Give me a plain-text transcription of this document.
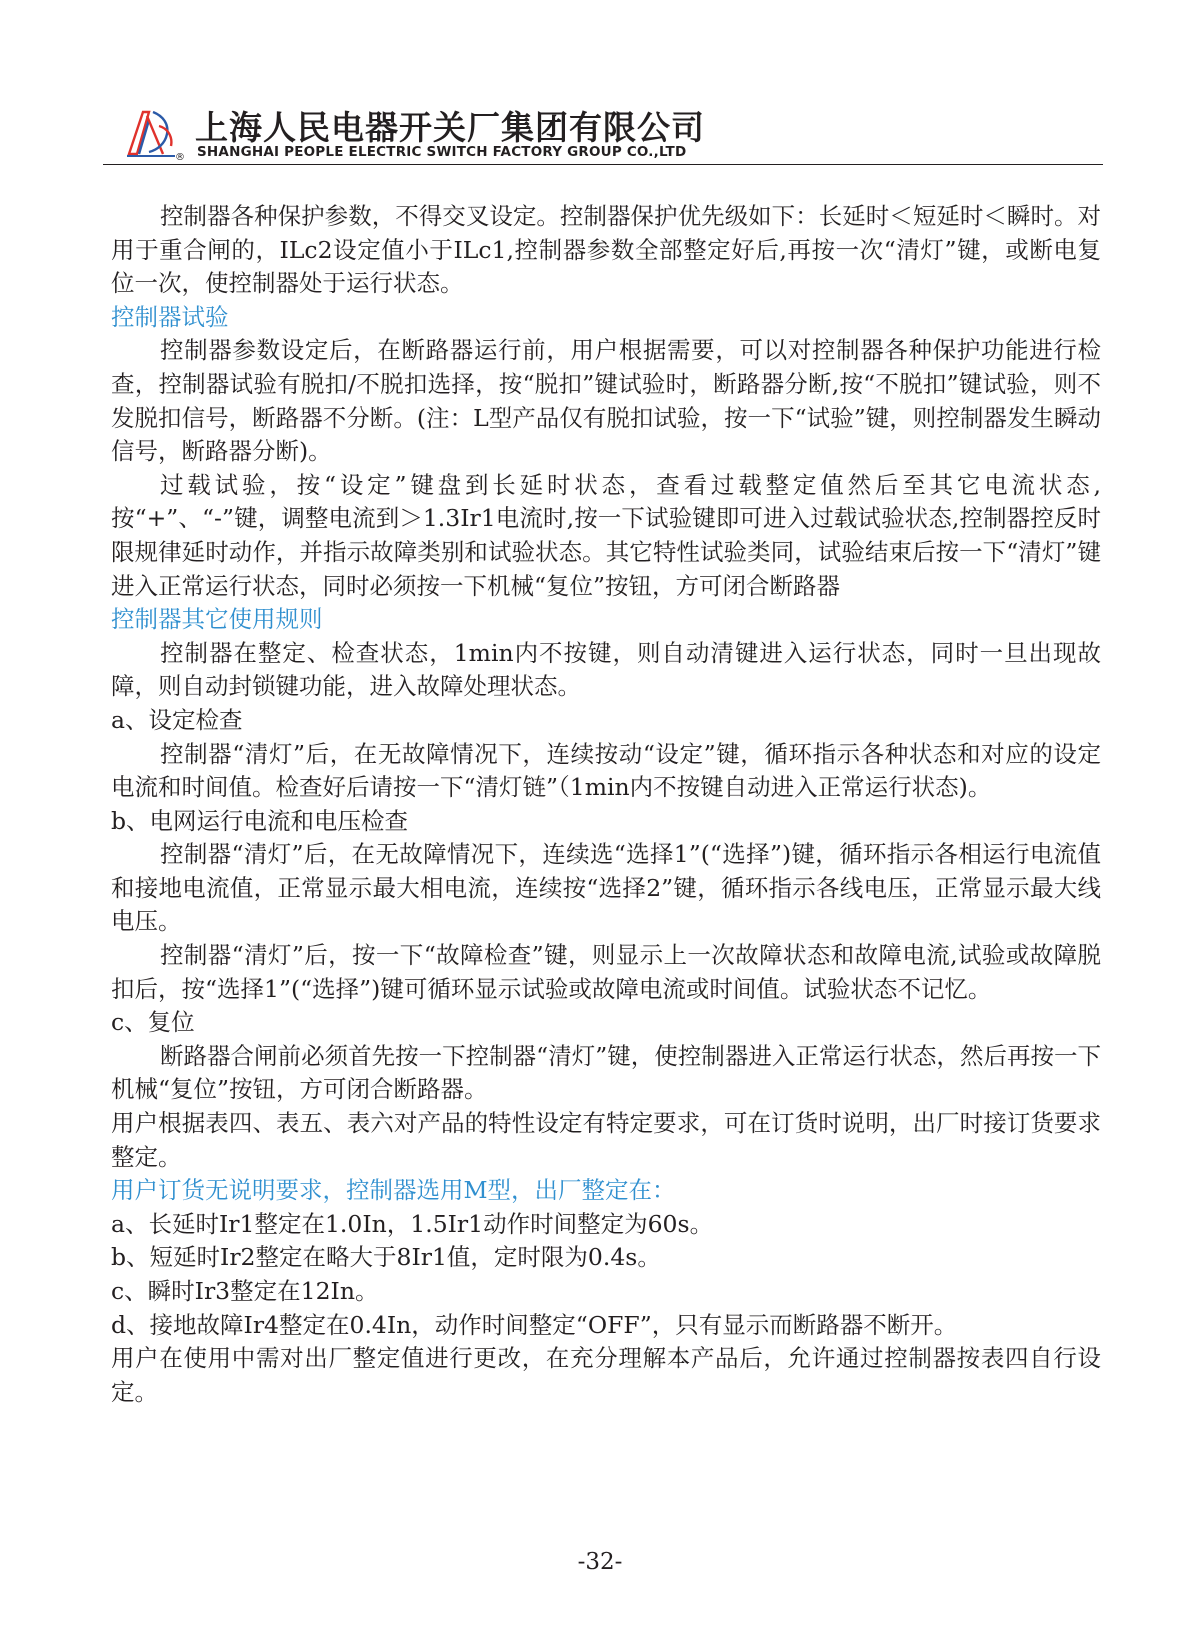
®
上海人民电器开关厂集团有限公司
SHANGHAI PEOPLE ELECTRIC SWITCH FACTORY GROUP CO.,LTD

控制器各种保护参数，不得交叉设定。控制器保护优先级如下：长延时＜短延时＜瞬时。对用于重合闸的，ILc2设定值小于ILc1,控制器参数全部整定好后,再按一次“清灯”键，或断电复位一次，使控制器处于运行状态。

控制器试验

控制器参数设定后，在断路器运行前，用户根据需要，可以对控制器各种保护功能进行检查，控制器试验有脱扣/不脱扣选择，按“脱扣”键试验时，断路器分断,按“不脱扣”键试验，则不发脱扣信号，断路器不分断。(注：L型产品仅有脱扣试验，按一下“试验”键，则控制器发生瞬动信号，断路器分断)。

过载试验，按“设定”键盘到长延时状态，查看过载整定值然后至其它电流状态,按“+”、“-”键，调整电流到＞1.3Ir1电流时,按一下试验键即可进入过载试验状态,控制器控反时限规律延时动作，并指示故障类别和试验状态。其它特性试验类同，试验结束后按一下“清灯”键进入正常运行状态，同时必须按一下机械“复位”按钮，方可闭合断路器

控制器其它使用规则

控制器在整定、检查状态，1min内不按键，则自动清键进入运行状态，同时一旦出现故障，则自动封锁键功能，进入故障处理状态。

a、设定检查

控制器“清灯”后，在无故障情况下，连续按动“设定”键，循环指示各种状态和对应的设定电流和时间值。检查好后请按一下“清灯链”（1min内不按键自动进入正常运行状态)。

b、电网运行电流和电压检查

控制器“清灯”后，在无故障情况下，连续选“选择1”(“选择”)键，循环指示各相运行电流值和接地电流值，正常显示最大相电流，连续按“选择2”键，循环指示各线电压，正常显示最大线电压。

控制器“清灯”后，按一下“故障检查”键，则显示上一次故障状态和故障电流,试验或故障脱扣后，按“选择1”(“选择”)键可循环显示试验或故障电流或时间值。试验状态不记忆。

c、复位

断路器合闸前必须首先按一下控制器“清灯”键，使控制器进入正常运行状态，然后再按一下机械“复位”按钮，方可闭合断路器。

用户根据表四、表五、表六对产品的特性设定有特定要求，可在订货时说明，出厂时接订货要求整定。

用户订货无说明要求，控制器选用M型，出厂整定在：

a、长延时Ir1整定在1.0In，1.5Ir1动作时间整定为60s。

b、短延时Ir2整定在略大于8Ir1值，定时限为0.4s。

c、瞬时Ir3整定在12In。

d、接地故障Ir4整定在0.4In，动作时间整定“OFF”，只有显示而断路器不断开。

用户在使用中需对出厂整定值进行更改，在充分理解本产品后，允许通过控制器按表四自行设定。

-32-
